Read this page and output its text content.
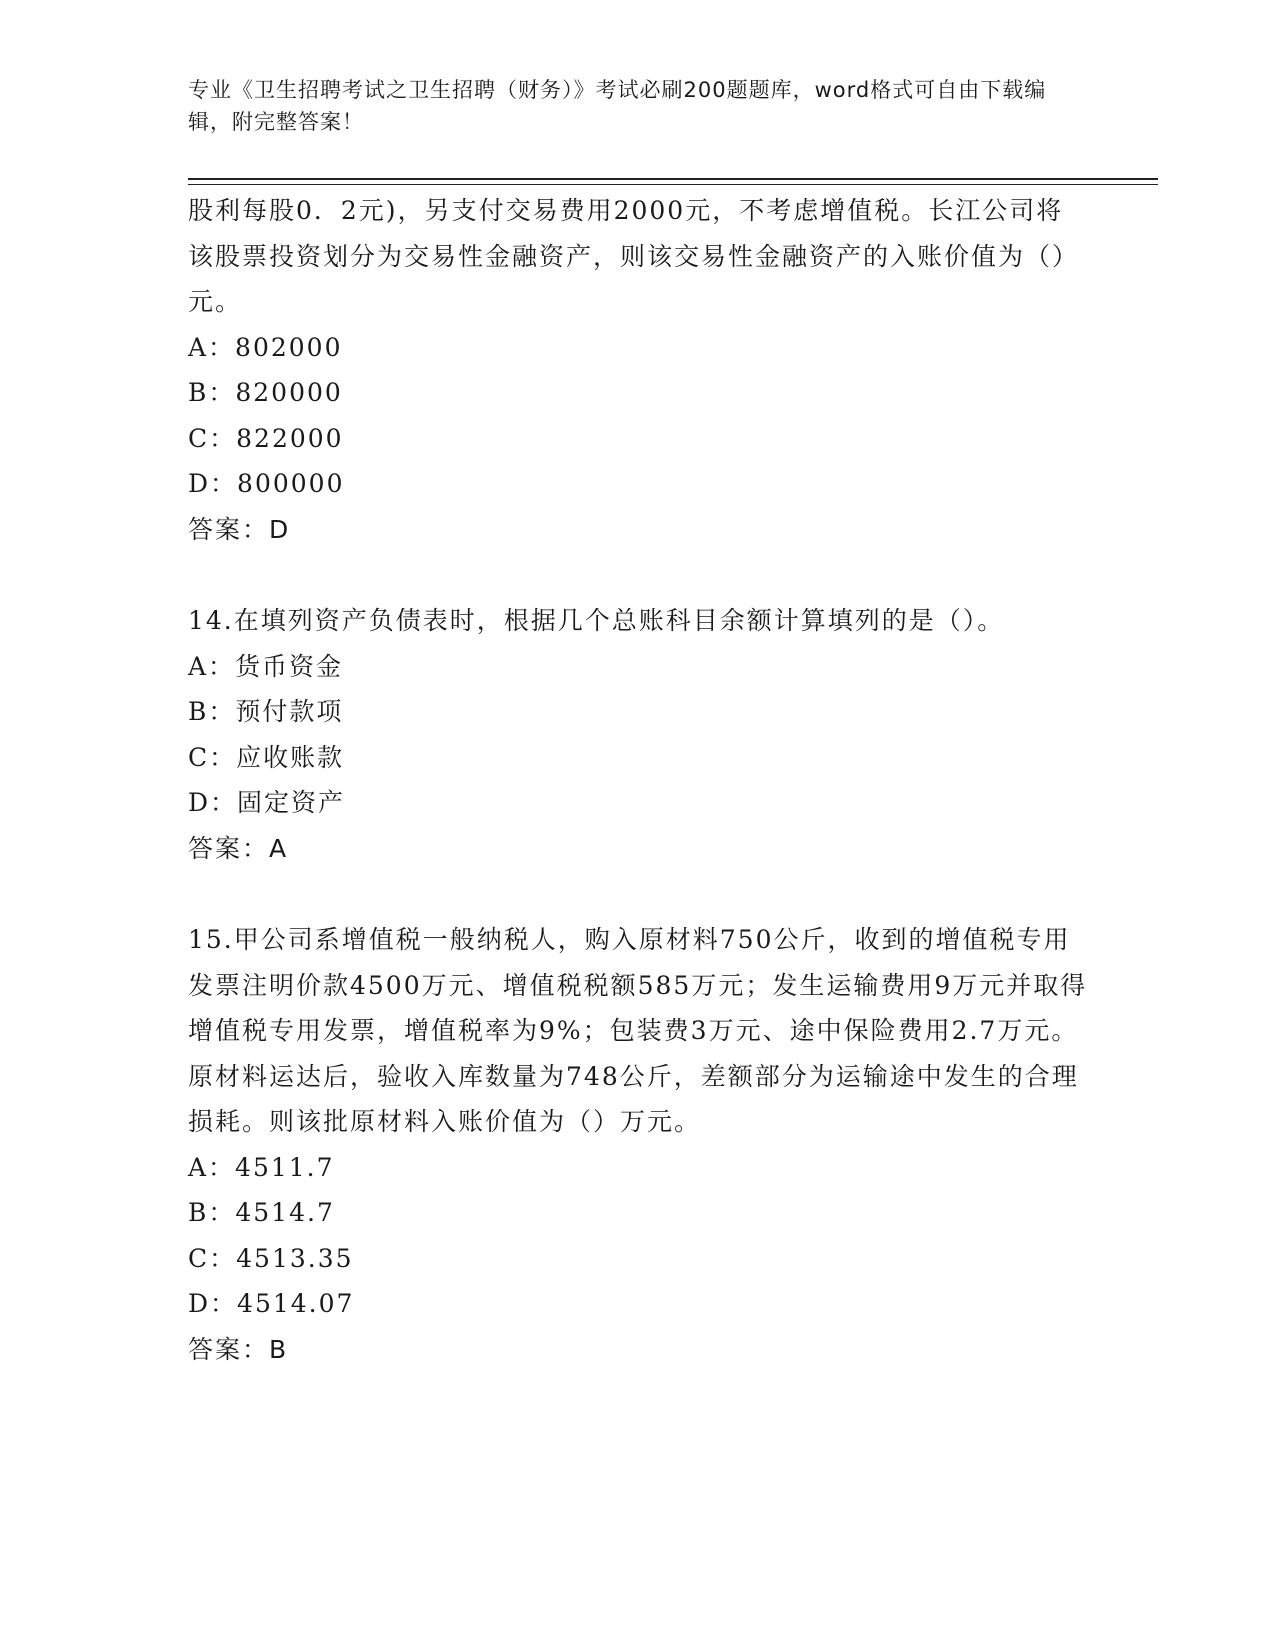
专业《卫生招聘考试之卫生招聘（财务）》考试必刷200题题库，word格式可自由下载编辑，附完整答案！
股利每股0．2元)，另支付交易费用2000元，不考虑增值税。长江公司将该股票投资划分为交易性金融资产，则该交易性金融资产的入账价值为（）元。
A：802000
B：820000
C：822000
D：800000
答案：D
14.在填列资产负债表时，根据几个总账科目余额计算填列的是（）。
A：货币资金
B：预付款项
C：应收账款
D：固定资产
答案：A
15.甲公司系增值税一般纳税人，购入原材料750公斤，收到的增值税专用发票注明价款4500万元、增值税税额585万元；发生运输费用9万元并取得增值税专用发票，增值税率为9%；包装费3万元、途中保险费用2.7万元。原材料运达后，验收入库数量为748公斤，差额部分为运输途中发生的合理损耗。则该批原材料入账价值为（）万元。
A：4511.7
B：4514.7
C：4513.35
D：4514.07
答案：B
